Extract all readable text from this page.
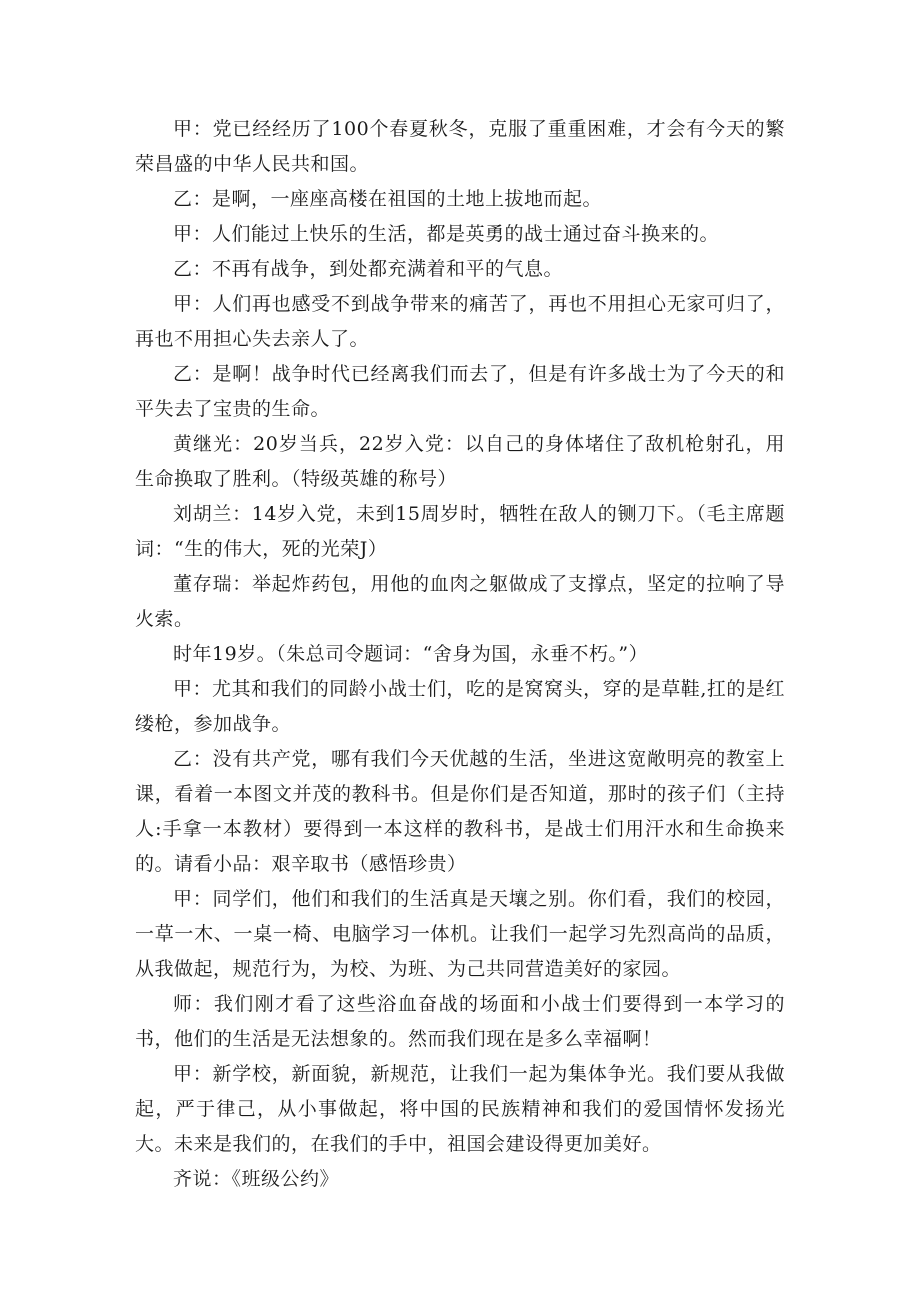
甲：党已经经历了100个春夏秋冬，克服了重重困难，才会有今天的繁荣昌盛的中华人民共和国。

乙：是啊，一座座高楼在祖国的土地上拔地而起。

甲：人们能过上快乐的生活，都是英勇的战士通过奋斗换来的。

乙：不再有战争，到处都充满着和平的气息。

甲：人们再也感受不到战争带来的痛苦了，再也不用担心无家可归了，再也不用担心失去亲人了。

乙：是啊！战争时代已经离我们而去了，但是有许多战士为了今天的和平失去了宝贵的生命。

黄继光：20岁当兵，22岁入党：以自己的身体堵住了敌机枪射孔，用生命换取了胜利。（特级英雄的称号）

刘胡兰：14岁入党，未到15周岁时，牺牲在敌人的铡刀下。（毛主席题词：“生的伟大，死的光荣J）

董存瑞：举起炸药包，用他的血肉之躯做成了支撑点，坚定的拉响了导火索。

时年19岁。（朱总司令题词：“舍身为国，永垂不朽。”）

甲：尤其和我们的同龄小战士们，吃的是窝窝头，穿的是草鞋,扛的是红缕枪，参加战争。

乙：没有共产党，哪有我们今天优越的生活，坐进这宽敞明亮的教室上课，看着一本图文并茂的教科书。但是你们是否知道，那时的孩子们（主持人:手拿一本教材）要得到一本这样的教科书，是战士们用汗水和生命换来的。请看小品：艰辛取书（感悟珍贵）

甲：同学们，他们和我们的生活真是天壤之别。你们看，我们的校园，一草一木、一桌一椅、电脑学习一体机。让我们一起学习先烈高尚的品质，从我做起，规范行为，为校、为班、为己共同营造美好的家园。

师：我们刚才看了这些浴血奋战的场面和小战士们要得到一本学习的书，他们的生活是无法想象的。然而我们现在是多么幸福啊！

甲：新学校，新面貌，新规范，让我们一起为集体争光。我们要从我做起，严于律己，从小事做起，将中国的民族精神和我们的爱国情怀发扬光大。未来是我们的，在我们的手中，祖国会建设得更加美好。

齐说：《班级公约》
